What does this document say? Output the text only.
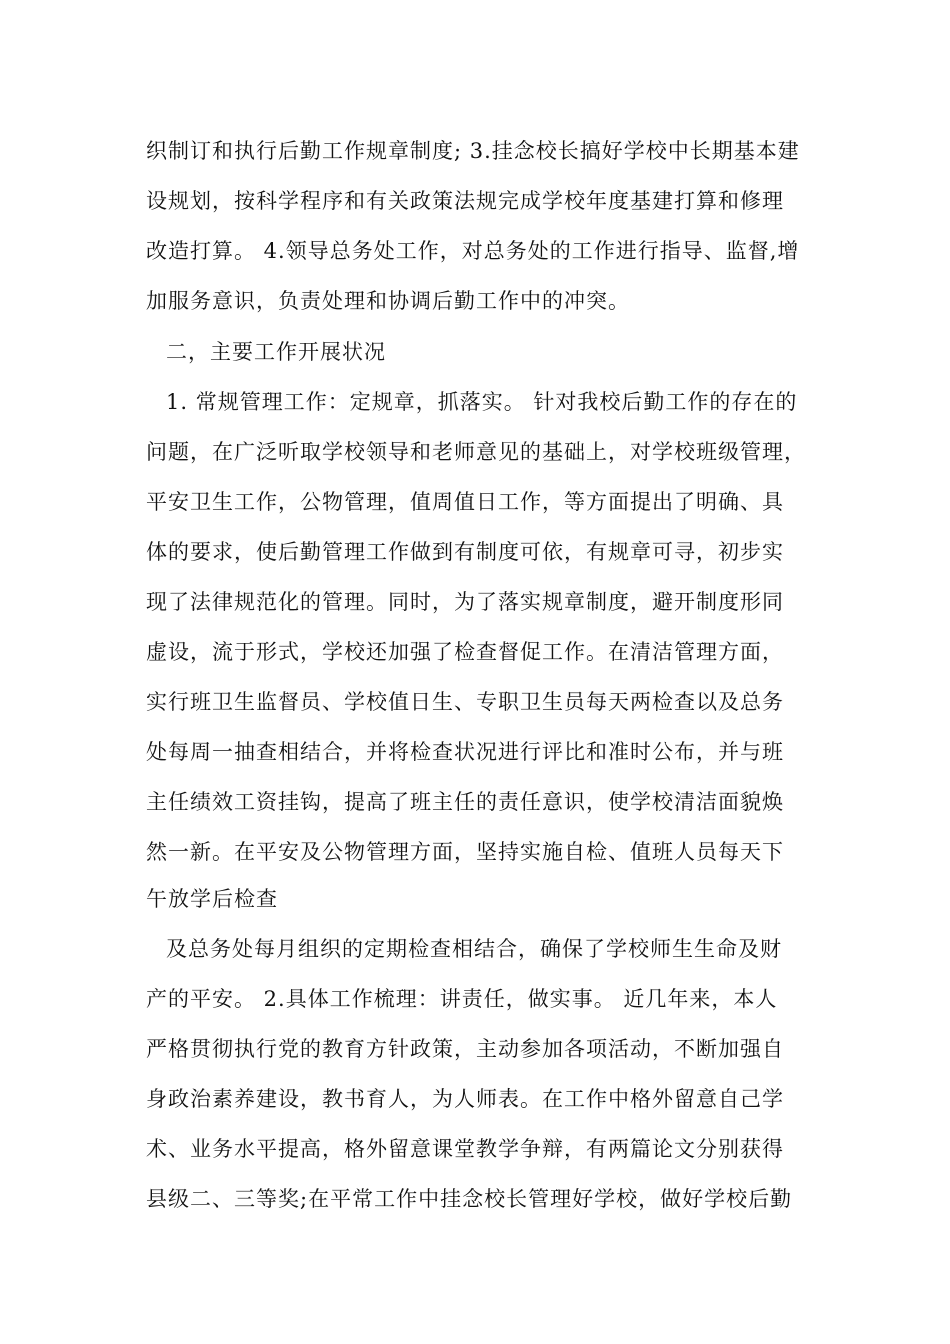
织制订和执行后勤工作规章制度; 3.挂念校长搞好学校中长期基本建

设规划，按科学程序和有关政策法规完成学校年度基建打算和修理

改造打算。 4.领导总务处工作，对总务处的工作进行指导、监督,增

加服务意识，负责处理和协调后勤工作中的冲突。

二，主要工作开展状况

1. 常规管理工作：定规章，抓落实。 针对我校后勤工作的存在的

问题，在广泛听取学校领导和老师意见的基础上，对学校班级管理，

平安卫生工作，公物管理，值周值日工作，等方面提出了明确、具

体的要求，使后勤管理工作做到有制度可依，有规章可寻，初步实

现了法律规范化的管理。同时，为了落实规章制度，避开制度形同

虚设，流于形式，学校还加强了检查督促工作。在清洁管理方面，

实行班卫生监督员、学校值日生、专职卫生员每天两检查以及总务

处每周一抽查相结合，并将检查状况进行评比和准时公布，并与班

主任绩效工资挂钩，提高了班主任的责任意识，使学校清洁面貌焕

然一新。在平安及公物管理方面，坚持实施自检、值班人员每天下

午放学后检查

及总务处每月组织的定期检查相结合，确保了学校师生生命及财

产的平安。 2.具体工作梳理：讲责任，做实事。 近几年来，本人

严格贯彻执行党的教育方针政策，主动参加各项活动，不断加强自

身政治素养建设，教书育人，为人师表。在工作中格外留意自己学

术、业务水平提高，格外留意课堂教学争辩，有两篇论文分别获得

县级二、三等奖;在平常工作中挂念校长管理好学校，做好学校后勤
